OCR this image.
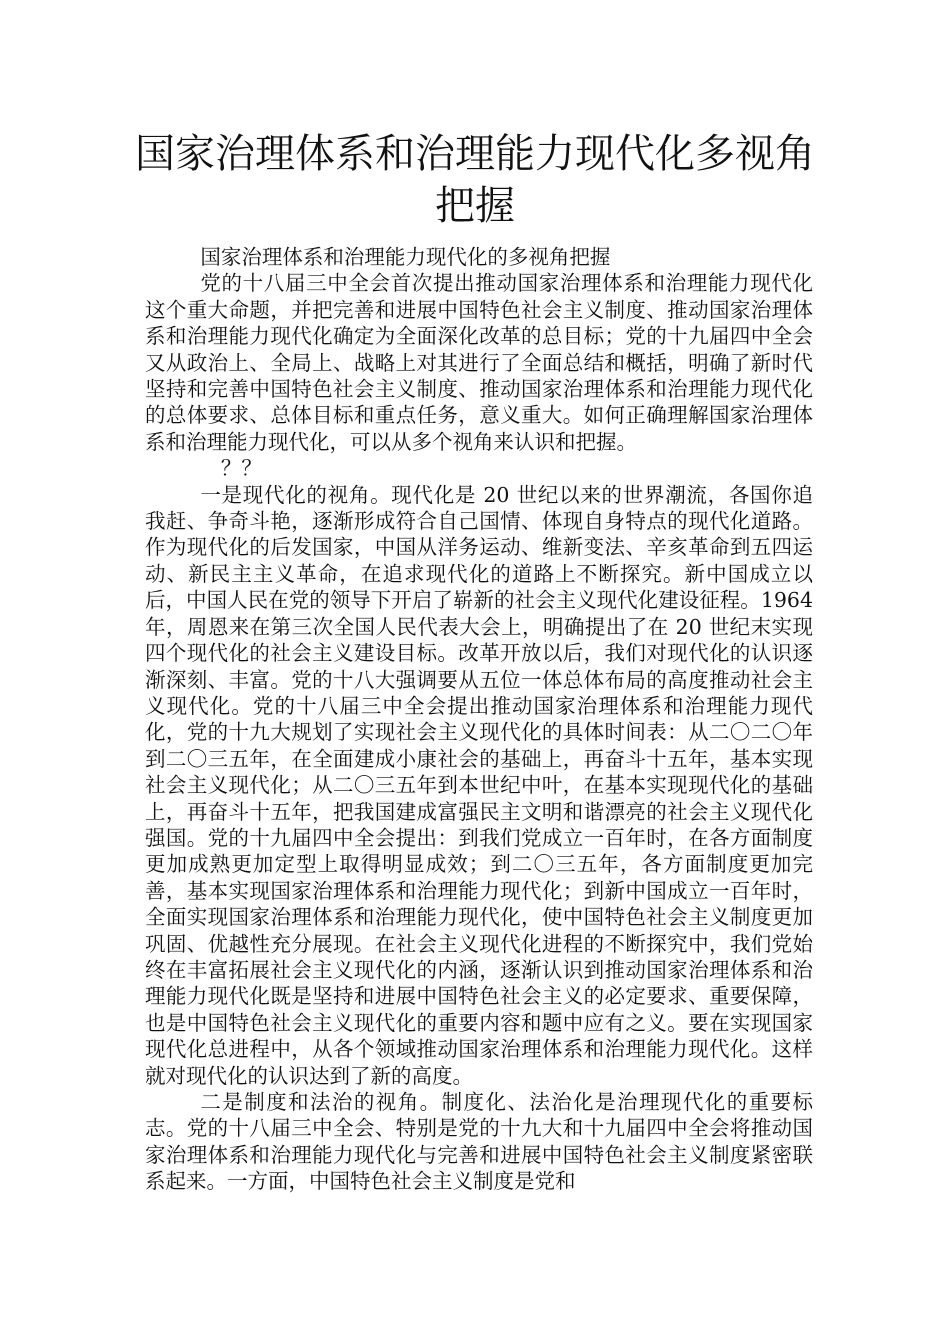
国家治理体系和治理能力现代化多视角把握

国家治理体系和治理能力现代化的多视角把握

党的十八届三中全会首次提出推动国家治理体系和治理能力现代化这个重大命题，并把完善和进展中国特色社会主义制度、推动国家治理体系和治理能力现代化确定为全面深化改革的总目标；党的十九届四中全会又从政治上、全局上、战略上对其进行了全面总结和概括，明确了新时代坚持和完善中国特色社会主义制度、推动国家治理体系和治理能力现代化的总体要求、总体目标和重点任务，意义重大。如何正确理解国家治理体系和治理能力现代化，可以从多个视角来认识和把握。

？？

一是现代化的视角。现代化是 20 世纪以来的世界潮流，各国你追我赶、争奇斗艳，逐渐形成符合自己国情、体现自身特点的现代化道路。作为现代化的后发国家，中国从洋务运动、维新变法、辛亥革命到五四运动、新民主主义革命，在追求现代化的道路上不断探究。新中国成立以后，中国人民在党的领导下开启了崭新的社会主义现代化建设征程。1964 年，周恩来在第三次全国人民代表大会上，明确提出了在 20 世纪末实现四个现代化的社会主义建设目标。改革开放以后，我们对现代化的认识逐渐深刻、丰富。党的十八大强调要从五位一体总体布局的高度推动社会主义现代化。党的十八届三中全会提出推动国家治理体系和治理能力现代化，党的十九大规划了实现社会主义现代化的具体时间表：从二〇二〇年到二〇三五年，在全面建成小康社会的基础上，再奋斗十五年，基本实现社会主义现代化；从二〇三五年到本世纪中叶，在基本实现现代化的基础上，再奋斗十五年，把我国建成富强民主文明和谐漂亮的社会主义现代化强国。党的十九届四中全会提出：到我们党成立一百年时，在各方面制度更加成熟更加定型上取得明显成效；到二〇三五年，各方面制度更加完善，基本实现国家治理体系和治理能力现代化；到新中国成立一百年时，全面实现国家治理体系和治理能力现代化，使中国特色社会主义制度更加巩固、优越性充分展现。在社会主义现代化进程的不断探究中，我们党始终在丰富拓展社会主义现代化的内涵，逐渐认识到推动国家治理体系和治理能力现代化既是坚持和进展中国特色社会主义的必定要求、重要保障，也是中国特色社会主义现代化的重要内容和题中应有之义。要在实现国家现代化总进程中，从各个领域推动国家治理体系和治理能力现代化。这样就对现代化的认识达到了新的高度。

二是制度和法治的视角。制度化、法治化是治理现代化的重要标志。党的十八届三中全会、特别是党的十九大和十九届四中全会将推动国家治理体系和治理能力现代化与完善和进展中国特色社会主义制度紧密联系起来。一方面，中国特色社会主义制度是党和
